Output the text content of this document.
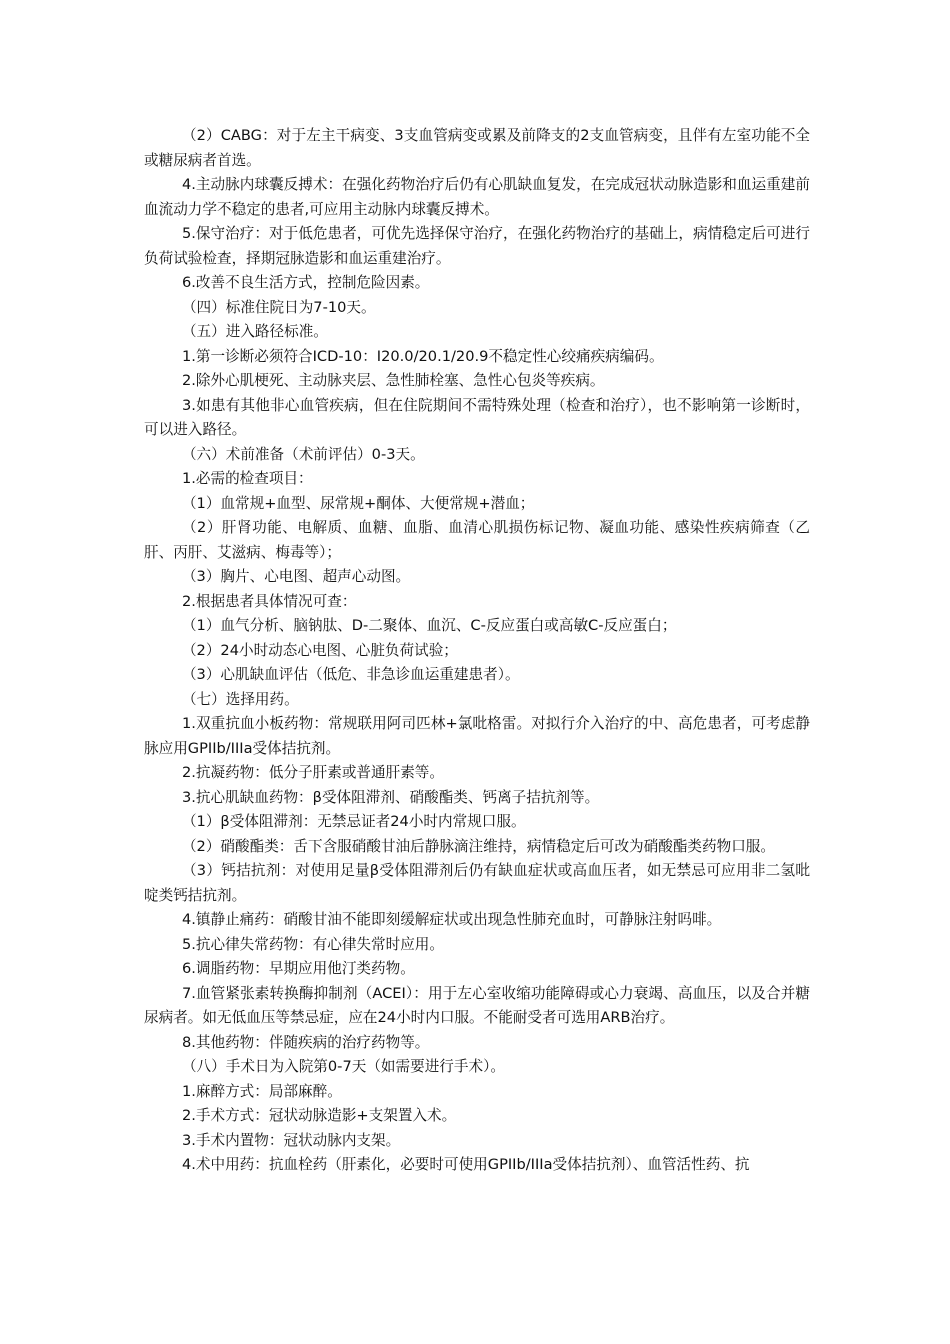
（2）CABG：对于左主干病变、3支血管病变或累及前降支的2支血管病变，且伴有左室功能不全或糖尿病者首选。

4.主动脉内球囊反搏术：在强化药物治疗后仍有心肌缺血复发，在完成冠状动脉造影和血运重建前血流动力学不稳定的患者,可应用主动脉内球囊反搏术。

5.保守治疗：对于低危患者，可优先选择保守治疗，在强化药物治疗的基础上，病情稳定后可进行负荷试验检查，择期冠脉造影和血运重建治疗。

6.改善不良生活方式，控制危险因素。

（四）标准住院日为7-10天。

（五）进入路径标准。

1.第一诊断必须符合ICD-10：I20.0/20.1/20.9不稳定性心绞痛疾病编码。

2.除外心肌梗死、主动脉夹层、急性肺栓塞、急性心包炎等疾病。

3.如患有其他非心血管疾病，但在住院期间不需特殊处理（检查和治疗），也不影响第一诊断时，可以进入路径。

（六）术前准备（术前评估）0-3天。

1.必需的检查项目：

（1）血常规+血型、尿常规+酮体、大便常规+潜血；

（2）肝肾功能、电解质、血糖、血脂、血清心肌损伤标记物、凝血功能、感染性疾病筛查（乙肝、丙肝、艾滋病、梅毒等）；

（3）胸片、心电图、超声心动图。

2.根据患者具体情况可查：

（1）血气分析、脑钠肽、D-二聚体、血沉、C-反应蛋白或高敏C-反应蛋白；

（2）24小时动态心电图、心脏负荷试验；

（3）心肌缺血评估（低危、非急诊血运重建患者）。

（七）选择用药。

1.双重抗血小板药物：常规联用阿司匹林+氯吡格雷。对拟行介入治疗的中、高危患者，可考虑静脉应用GPIIb/IIIa受体拮抗剂。

2.抗凝药物：低分子肝素或普通肝素等。

3.抗心肌缺血药物：β受体阻滞剂、硝酸酯类、钙离子拮抗剂等。

（1）β受体阻滞剂：无禁忌证者24小时内常规口服。

（2）硝酸酯类：舌下含服硝酸甘油后静脉滴注维持，病情稳定后可改为硝酸酯类药物口服。

（3）钙拮抗剂：对使用足量β受体阻滞剂后仍有缺血症状或高血压者，如无禁忌可应用非二氢吡啶类钙拮抗剂。

4.镇静止痛药：硝酸甘油不能即刻缓解症状或出现急性肺充血时，可静脉注射吗啡。

5.抗心律失常药物：有心律失常时应用。

6.调脂药物：早期应用他汀类药物。

7.血管紧张素转换酶抑制剂（ACEI）：用于左心室收缩功能障碍或心力衰竭、高血压，以及合并糖尿病者。如无低血压等禁忌症，应在24小时内口服。不能耐受者可选用ARB治疗。

8.其他药物：伴随疾病的治疗药物等。

（八）手术日为入院第0-7天（如需要进行手术）。

1.麻醉方式：局部麻醉。

2.手术方式：冠状动脉造影+支架置入术。

3.手术内置物：冠状动脉内支架。

4.术中用药：抗血栓药（肝素化，必要时可使用GPIIb/IIIa受体拮抗剂）、血管活性药、抗
